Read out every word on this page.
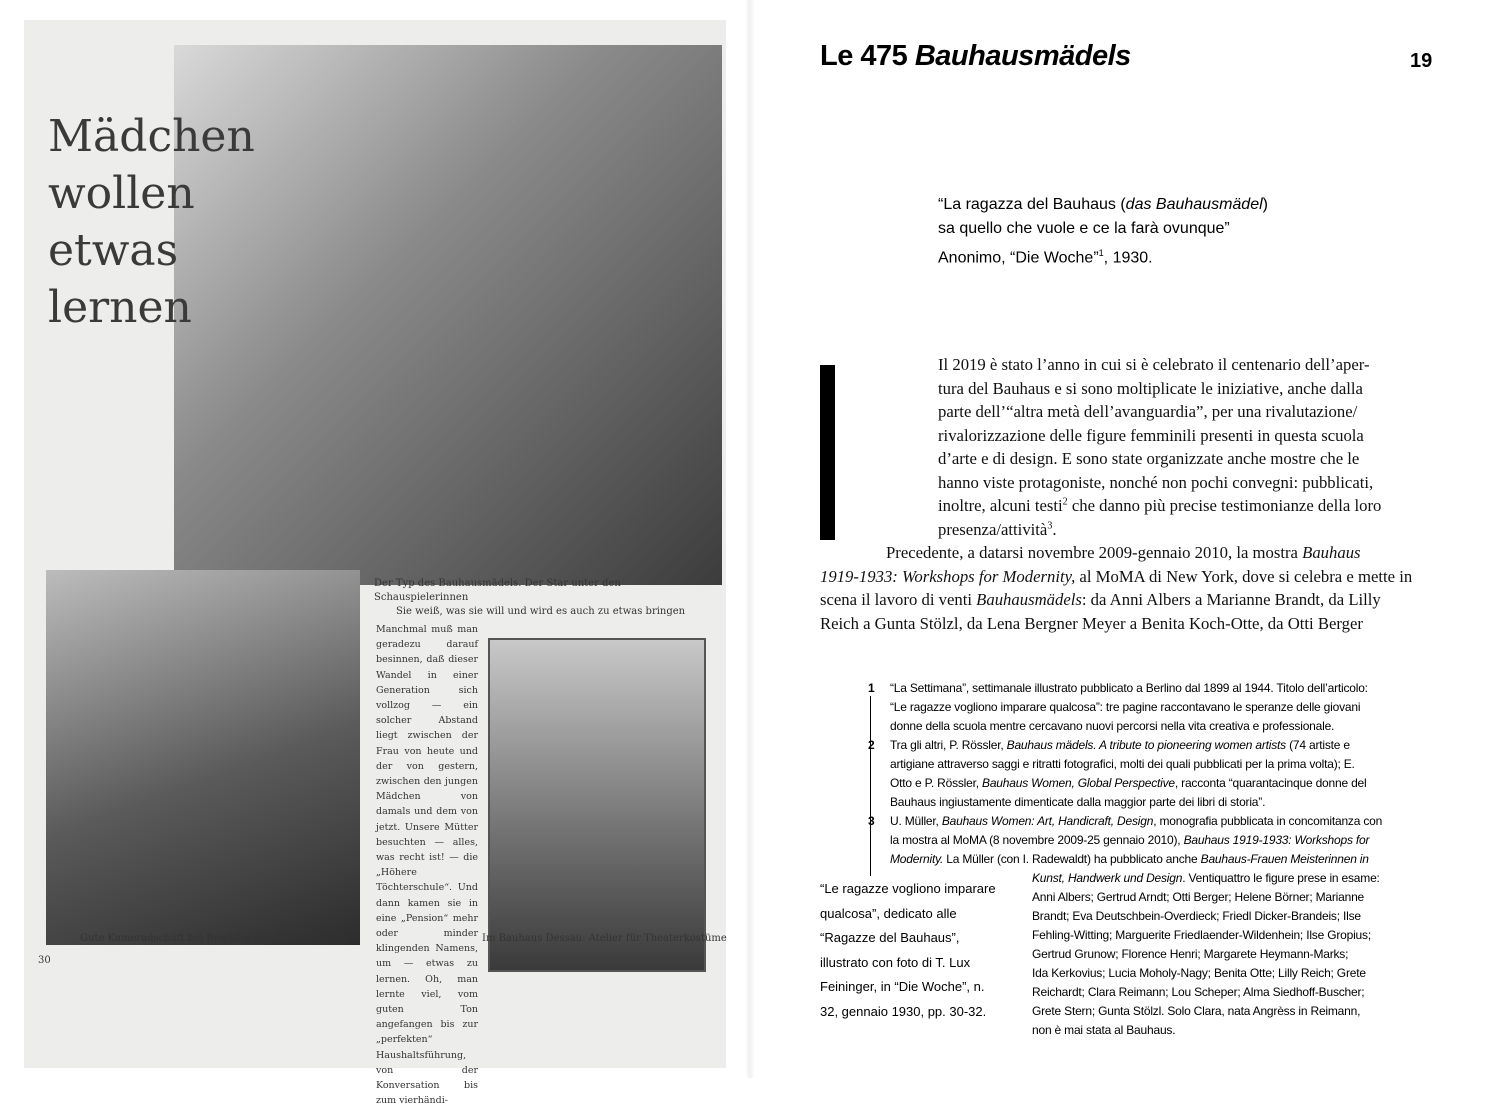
Mädchen
wollen
etwas
lernen
Der Typ des Bauhausmädels. Der Star unter den Schauspielerinnen
Sie weiß, was sie will und wird es auch zu etwas bringen
Manchmal muß man geradezu darauf besinnen, daß dieser Wandel in einer Generation sich vollzog — ein solcher Abstand liegt zwischen der Frau von heute und der von gestern, zwischen den jungen Mädchen von damals und dem von jetzt. Unsere Mütter besuchten — alles, was recht ist! — die „Höhere Töchterschule“. Und dann kamen sie in eine „Pension“ mehr oder minder klingenden Namens, um — etwas zu lernen. Oh, man lernte viel, vom guten Ton angefangen bis zur „perfekten“ Haushaltsführung, von der Konversation bis zum vierhändi-
Gute Kameradschaft bei Bewältigung der Geometrie	Im Bauhaus Dessau: Atelier für Theaterkostüme
30
Le 475 Bauhausmädels	19
“La ragazza del Bauhaus (das Bauhausmädel)
sa quello che vuole e ce la farà ovunque”
Anonimo, “Die Woche”$^1$, 1930.
Il 2019 è stato l’anno in cui si è celebrato il centenario dell’aper-
tura del Bauhaus e si sono moltiplicate le iniziative, anche dalla
parte dell’“altra metà dell’avanguardia”, per una rivalutazione/
rivalorizzazione delle figure femminili presenti in questa scuola
d’arte e di design. E sono state organizzate anche mostre che le
hanno viste protagoniste, nonché non pochi convegni: pubblicati,
inoltre, alcuni testi$^2$ che danno più precise testimonianze della loro
presenza/attività$^3$.
Precedente, a datarsi novembre 2009-gennaio 2010, la mostra Bauhaus
1919-1933: Workshops for Modernity, al MoMA di New York, dove si celebra e mette in
scena il lavoro di venti Bauhausmädels: da Anni Albers a Marianne Brandt, da Lilly
Reich a Gunta Stölzl, da Lena Bergner Meyer a Benita Koch-Otte, da Otti Berger
1 “La Settimana”, settimanale illustrato pubblicato a Berlino dal 1899 al 1944. Titolo dell’articolo:
“Le ragazze vogliono imparare qualcosa”: tre pagine raccontavano le speranze delle giovani
donne della scuola mentre cercavano nuovi percorsi nella vita creativa e professionale.
2 Tra gli altri, P. Rössler, Bauhaus mädels. A tribute to pioneering women artists (74 artiste e
artigiane attraverso saggi e ritratti fotografici, molti dei quali pubblicati per la prima volta); E.
Otto e P. Rössler, Bauhaus Women, Global Perspective, racconta “quarantacinque donne del
Bauhaus ingiustamente dimenticate dalla maggior parte dei libri di storia”.
3 U. Müller, Bauhaus Women: Art, Handicraft, Design, monografia pubblicata in concomitanza con
la mostra al MoMA (8 novembre 2009-25 gennaio 2010), Bauhaus 1919-1933: Workshops for
Modernity. La Müller (con I. Radewaldt) ha pubblicato anche Bauhaus-Frauen Meisterinnen in
Kunst, Handwerk und Design. Ventiquattro le figure prese in esame:
Anni Albers; Gertrud Arndt; Otti Berger; Helene Börner; Marianne
Brandt; Eva Deutschbein-Overdieck; Friedl Dicker-Brandeis; Ilse
Fehling-Witting; Marguerite Friedlaender-Wildenhein; Ilse Gropius;
Gertrud Grunow; Florence Henri; Margarete Heymann-Marks;
Ida Kerkovius; Lucia Moholy-Nagy; Benita Otte; Lilly Reich; Grete
Reichardt; Clara Reimann; Lou Scheper; Alma Siedhoff-Buscher;
Grete Stern; Gunta Stölzl. Solo Clara, nata Angrèss in Reimann,
non è mai stata al Bauhaus.
“Le ragazze vogliono imparare
qualcosa”, dedicato alle
“Ragazze del Bauhaus”,
illustrato con foto di T. Lux
Feininger, in “Die Woche”, n.
32, gennaio 1930, pp. 30-32.
